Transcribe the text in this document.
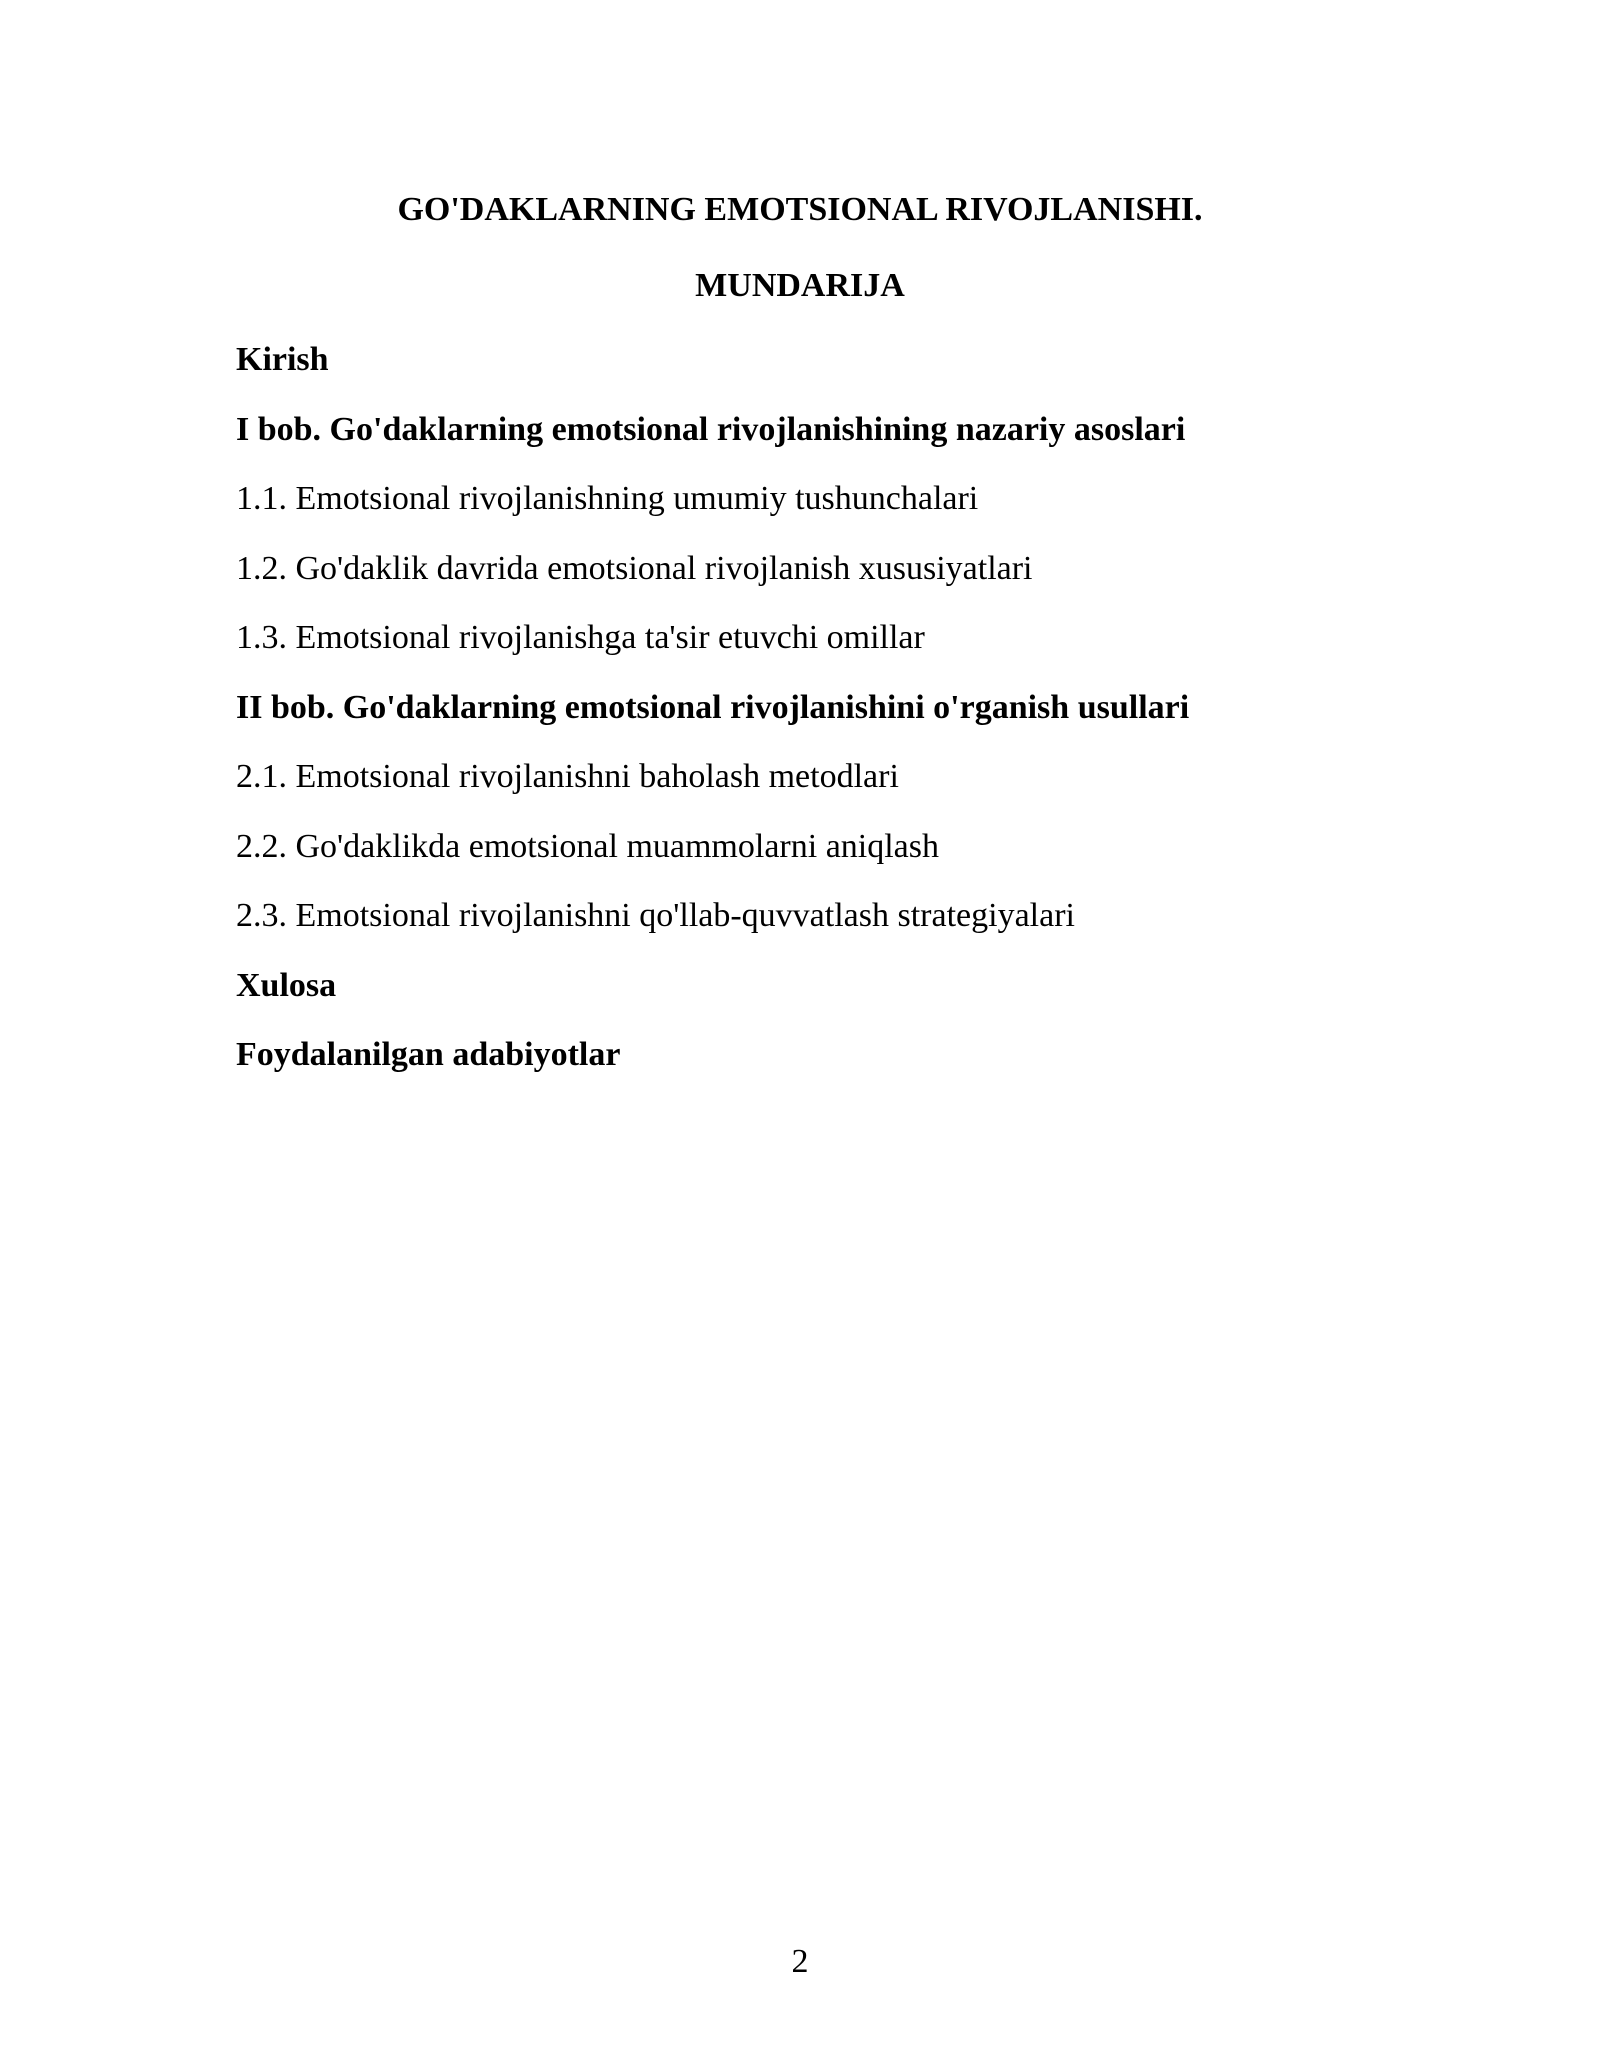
GO'DAKLARNING EMOTSIONAL RIVOJLANISHI.
MUNDARIJA
Kirish
I bob. Go'daklarning emotsional rivojlanishining nazariy asoslari
1.1. Emotsional rivojlanishning umumiy tushunchalari
1.2. Go'daklik davrida emotsional rivojlanish xususiyatlari
1.3. Emotsional rivojlanishga ta'sir etuvchi omillar
II bob. Go'daklarning emotsional rivojlanishini o'rganish usullari
2.1. Emotsional rivojlanishni baholash metodlari
2.2. Go'daklikda emotsional muammolarni aniqlash
2.3. Emotsional rivojlanishni qo'llab-quvvatlash strategiyalari
Xulosa
Foydalanilgan adabiyotlar
2
